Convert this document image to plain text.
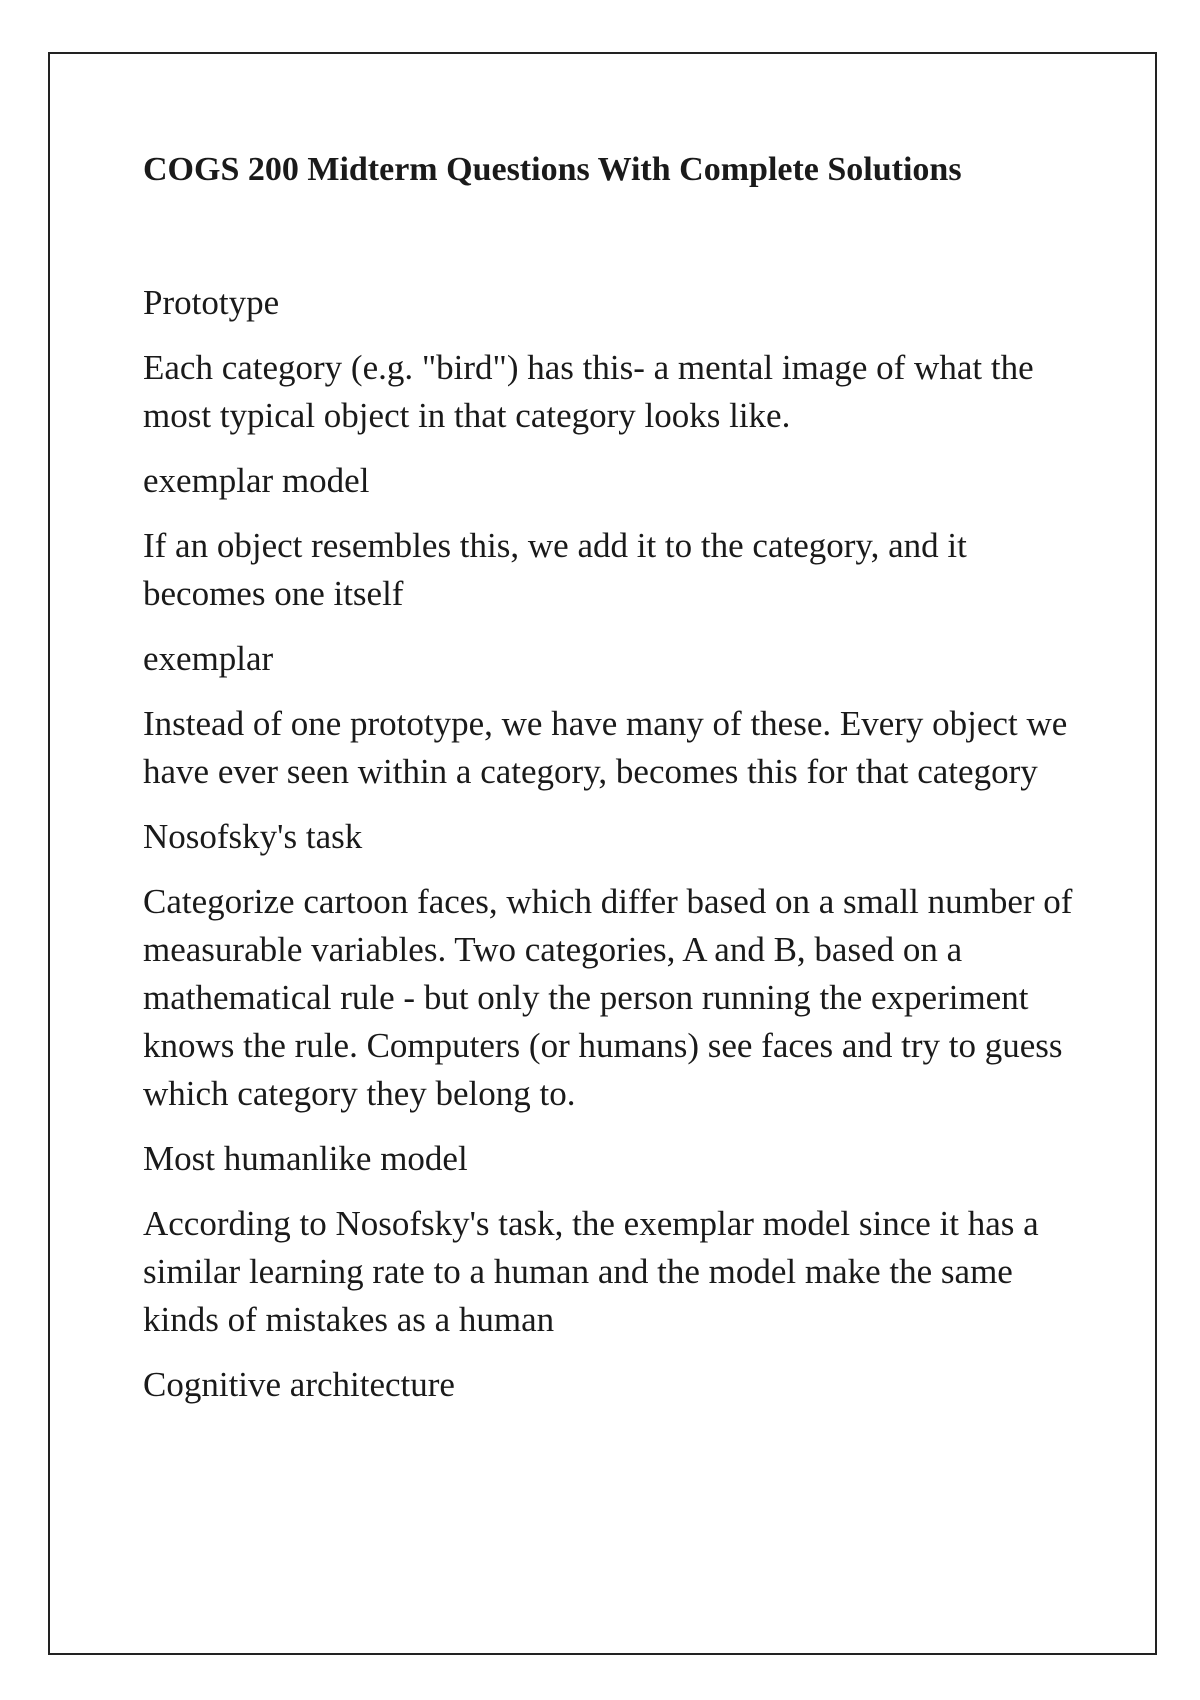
COGS 200 Midterm Questions With Complete Solutions
Prototype
Each category (e.g. "bird") has this- a mental image of what the most typical object in that category looks like.
exemplar model
If an object resembles this, we add it to the category, and it becomes one itself
exemplar
Instead of one prototype, we have many of these. Every object we have ever seen within a category, becomes this for that category
Nosofsky's task
Categorize cartoon faces, which differ based on a small number of measurable variables. Two categories, A and B, based on a mathematical rule - but only the person running the experiment knows the rule. Computers (or humans) see faces and try to guess which category they belong to.
Most humanlike model
According to Nosofsky's task, the exemplar model since it has a similar learning rate to a human and the model make the same kinds of mistakes as a human
Cognitive architecture
